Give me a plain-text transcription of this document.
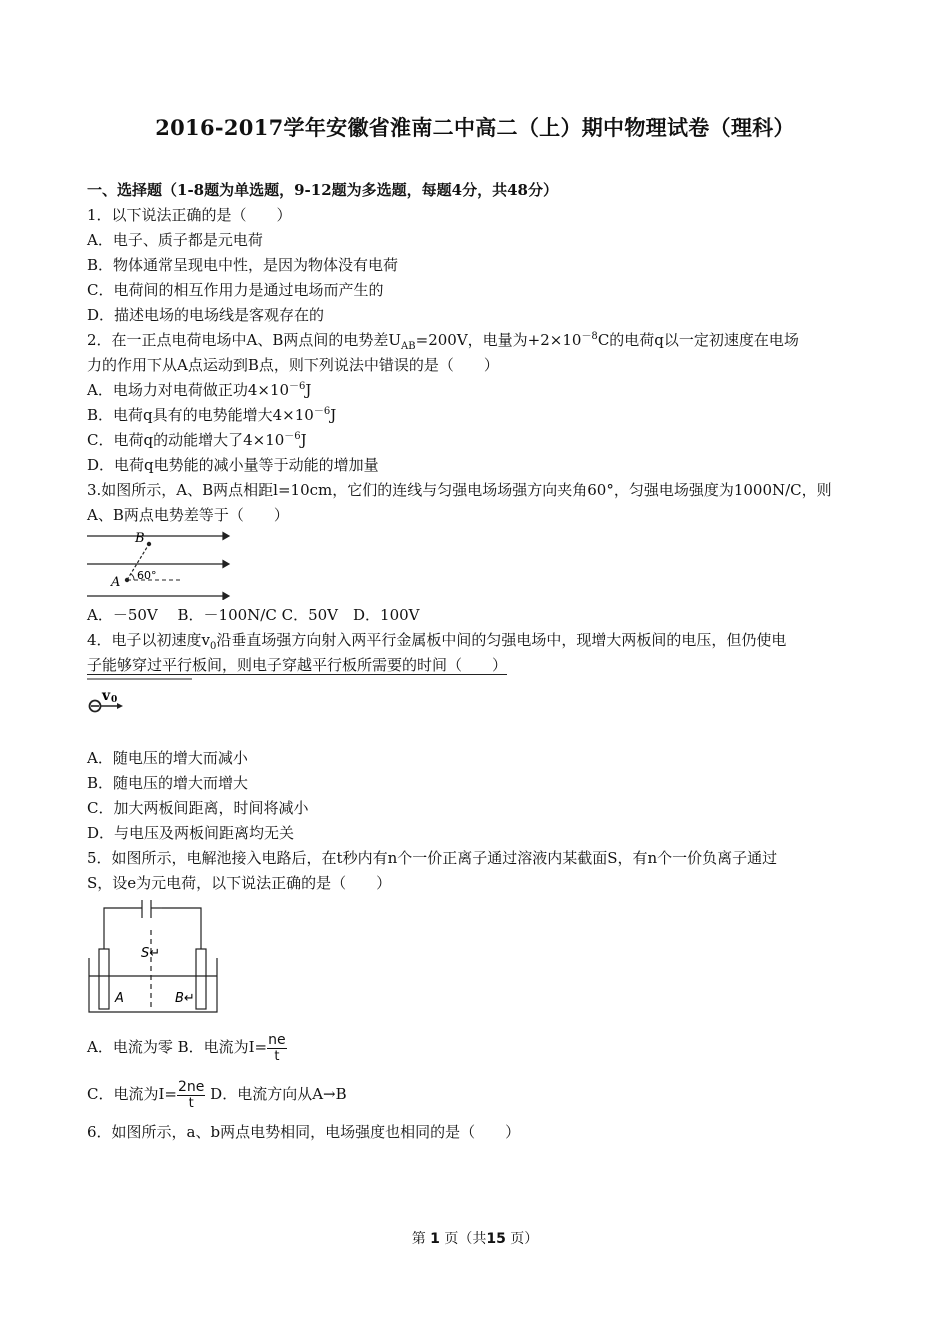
2016-2017学年安徽省淮南二中高二（上）期中物理试卷（理科）
一、选择题（1-8题为单选题，9-12题为多选题，每题4分，共48分）
1．以下说法正确的是（　　）
A．电子、质子都是元电荷
B．物体通常呈现电中性，是因为物体没有电荷
C．电荷间的相互作用力是通过电场而产生的
D．描述电场的电场线是客观存在的
2．在一正点电荷电场中A、B两点间的电势差$U_{AB}=200V$，电量为$+2\times 10^{-8}C$的电荷q以一定初速度在电场
力的作用下从A点运动到B点，则下列说法中错误的是（　　）
A．电场力对电荷做正功$4\times 10^{-6}J$
B．电荷q具有的电势能增大$4\times 10^{-6}J$
C．电荷q的动能增大了$4\times 10^{-6}J$
D．电荷q电势能的减小量等于动能的增加量
3.如图所示，A、B两点相距l=10cm，它们的连线与匀强电场场强方向夹角60°，匀强电场强度为1000N/C，则
A、B两点电势差等于（　　）
A
B
60°
A．－50V　 B．－100N/C C．50V　D．100V
4．电子以初速度$v_0$沿垂直场强方向射入两平行金属板中间的匀强电场中，现增大两板间的电压，但仍使电
子能够穿过平行板间，则电子穿越平行板所需要的时间（　　）
v 0
A．随电压的增大而减小
B．随电压的增大而增大
C．加大两板间距离，时间将减小
D．与电压及两板间距离均无关
5．如图所示，电解池接入电路后，在t秒内有n个一价正离子通过溶液内某截面S，有n个一价负离子通过
S，设e为元电荷，以下说法正确的是（　　）
S↵
A	B↵
A．电流为零 B．电流为$I= \frac{ne}{t}$
C．电流为$I= \frac{2ne}{t}$ D．电流方向从A→B
6．如图所示，a、b两点电势相同，电场强度也相同的是（　　）
第 1 页（共15 页）
